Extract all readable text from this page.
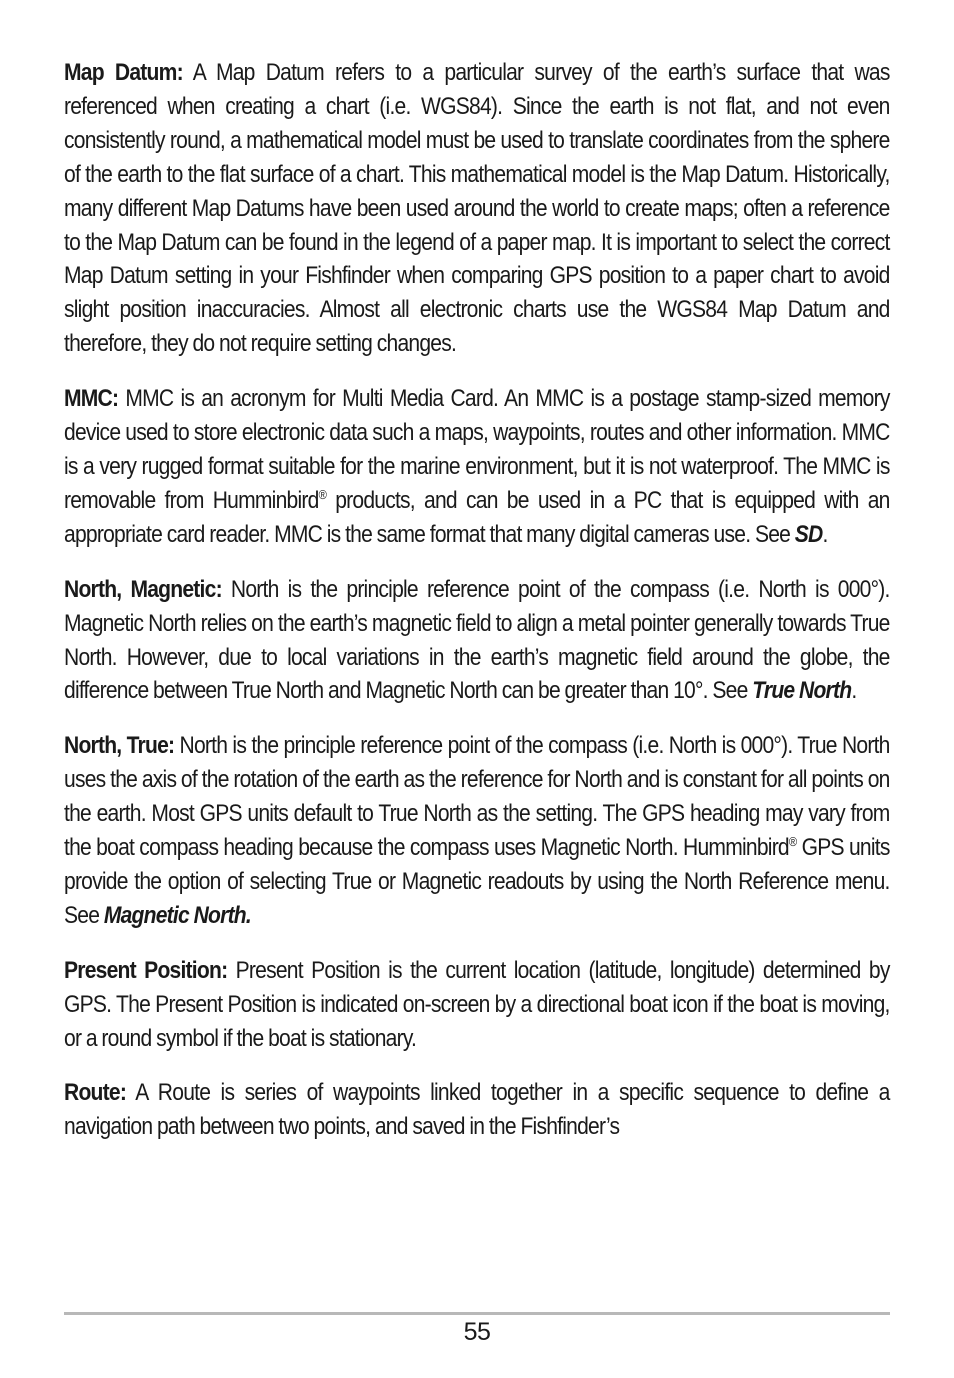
Map Datum: A Map Datum refers to a particular survey of the earth’s surface that was referenced when creating a chart (i.e. WGS84). Since the earth is not flat, and not even consistently round, a mathematical model must be used to translate coordinates from the sphere of the earth to the flat surface of a chart. This mathematical model is the Map Datum. Historically, many different Map Datums have been used around the world to create maps; often a reference to the Map Datum can be found in the legend of a paper map. It is important to select the correct Map Datum setting in your Fishfinder when comparing GPS position to a paper chart to avoid slight position inaccuracies. Almost all electronic charts use the WGS84 Map Datum and therefore, they do not require setting changes.

MMC: MMC is an acronym for Multi Media Card. An MMC is a postage stamp-sized memory device used to store electronic data such a maps, waypoints, routes and other information. MMC is a very rugged format suitable for the marine environment, but it is not waterproof. The MMC is removable from Humminbird® products, and can be used in a PC that is equipped with an appropriate card reader. MMC is the same format that many digital cameras use. See SD.

North, Magnetic: North is the principle reference point of the compass (i.e. North is 000°). Magnetic North relies on the earth’s magnetic field to align a metal pointer generally towards True North. However, due to local variations in the earth’s magnetic field around the globe, the difference between True North and Magnetic North can be greater than 10°. See True North.

North, True: North is the principle reference point of the compass (i.e. North is 000°). True North uses the axis of the rotation of the earth as the reference for North and is constant for all points on the earth. Most GPS units default to True North as the setting. The GPS heading may vary from the boat compass heading because the compass uses Magnetic North. Humminbird® GPS units provide the option of selecting True or Magnetic readouts by using the North Reference menu. See Magnetic North.

Present Position: Present Position is the current location (latitude, longitude) determined by GPS. The Present Position is indicated on-screen by a directional boat icon if the boat is moving, or a round symbol if the boat is stationary.

Route: A Route is series of waypoints linked together in a specific sequence to define a navigation path between two points, and saved in the Fishfinder’s

55
